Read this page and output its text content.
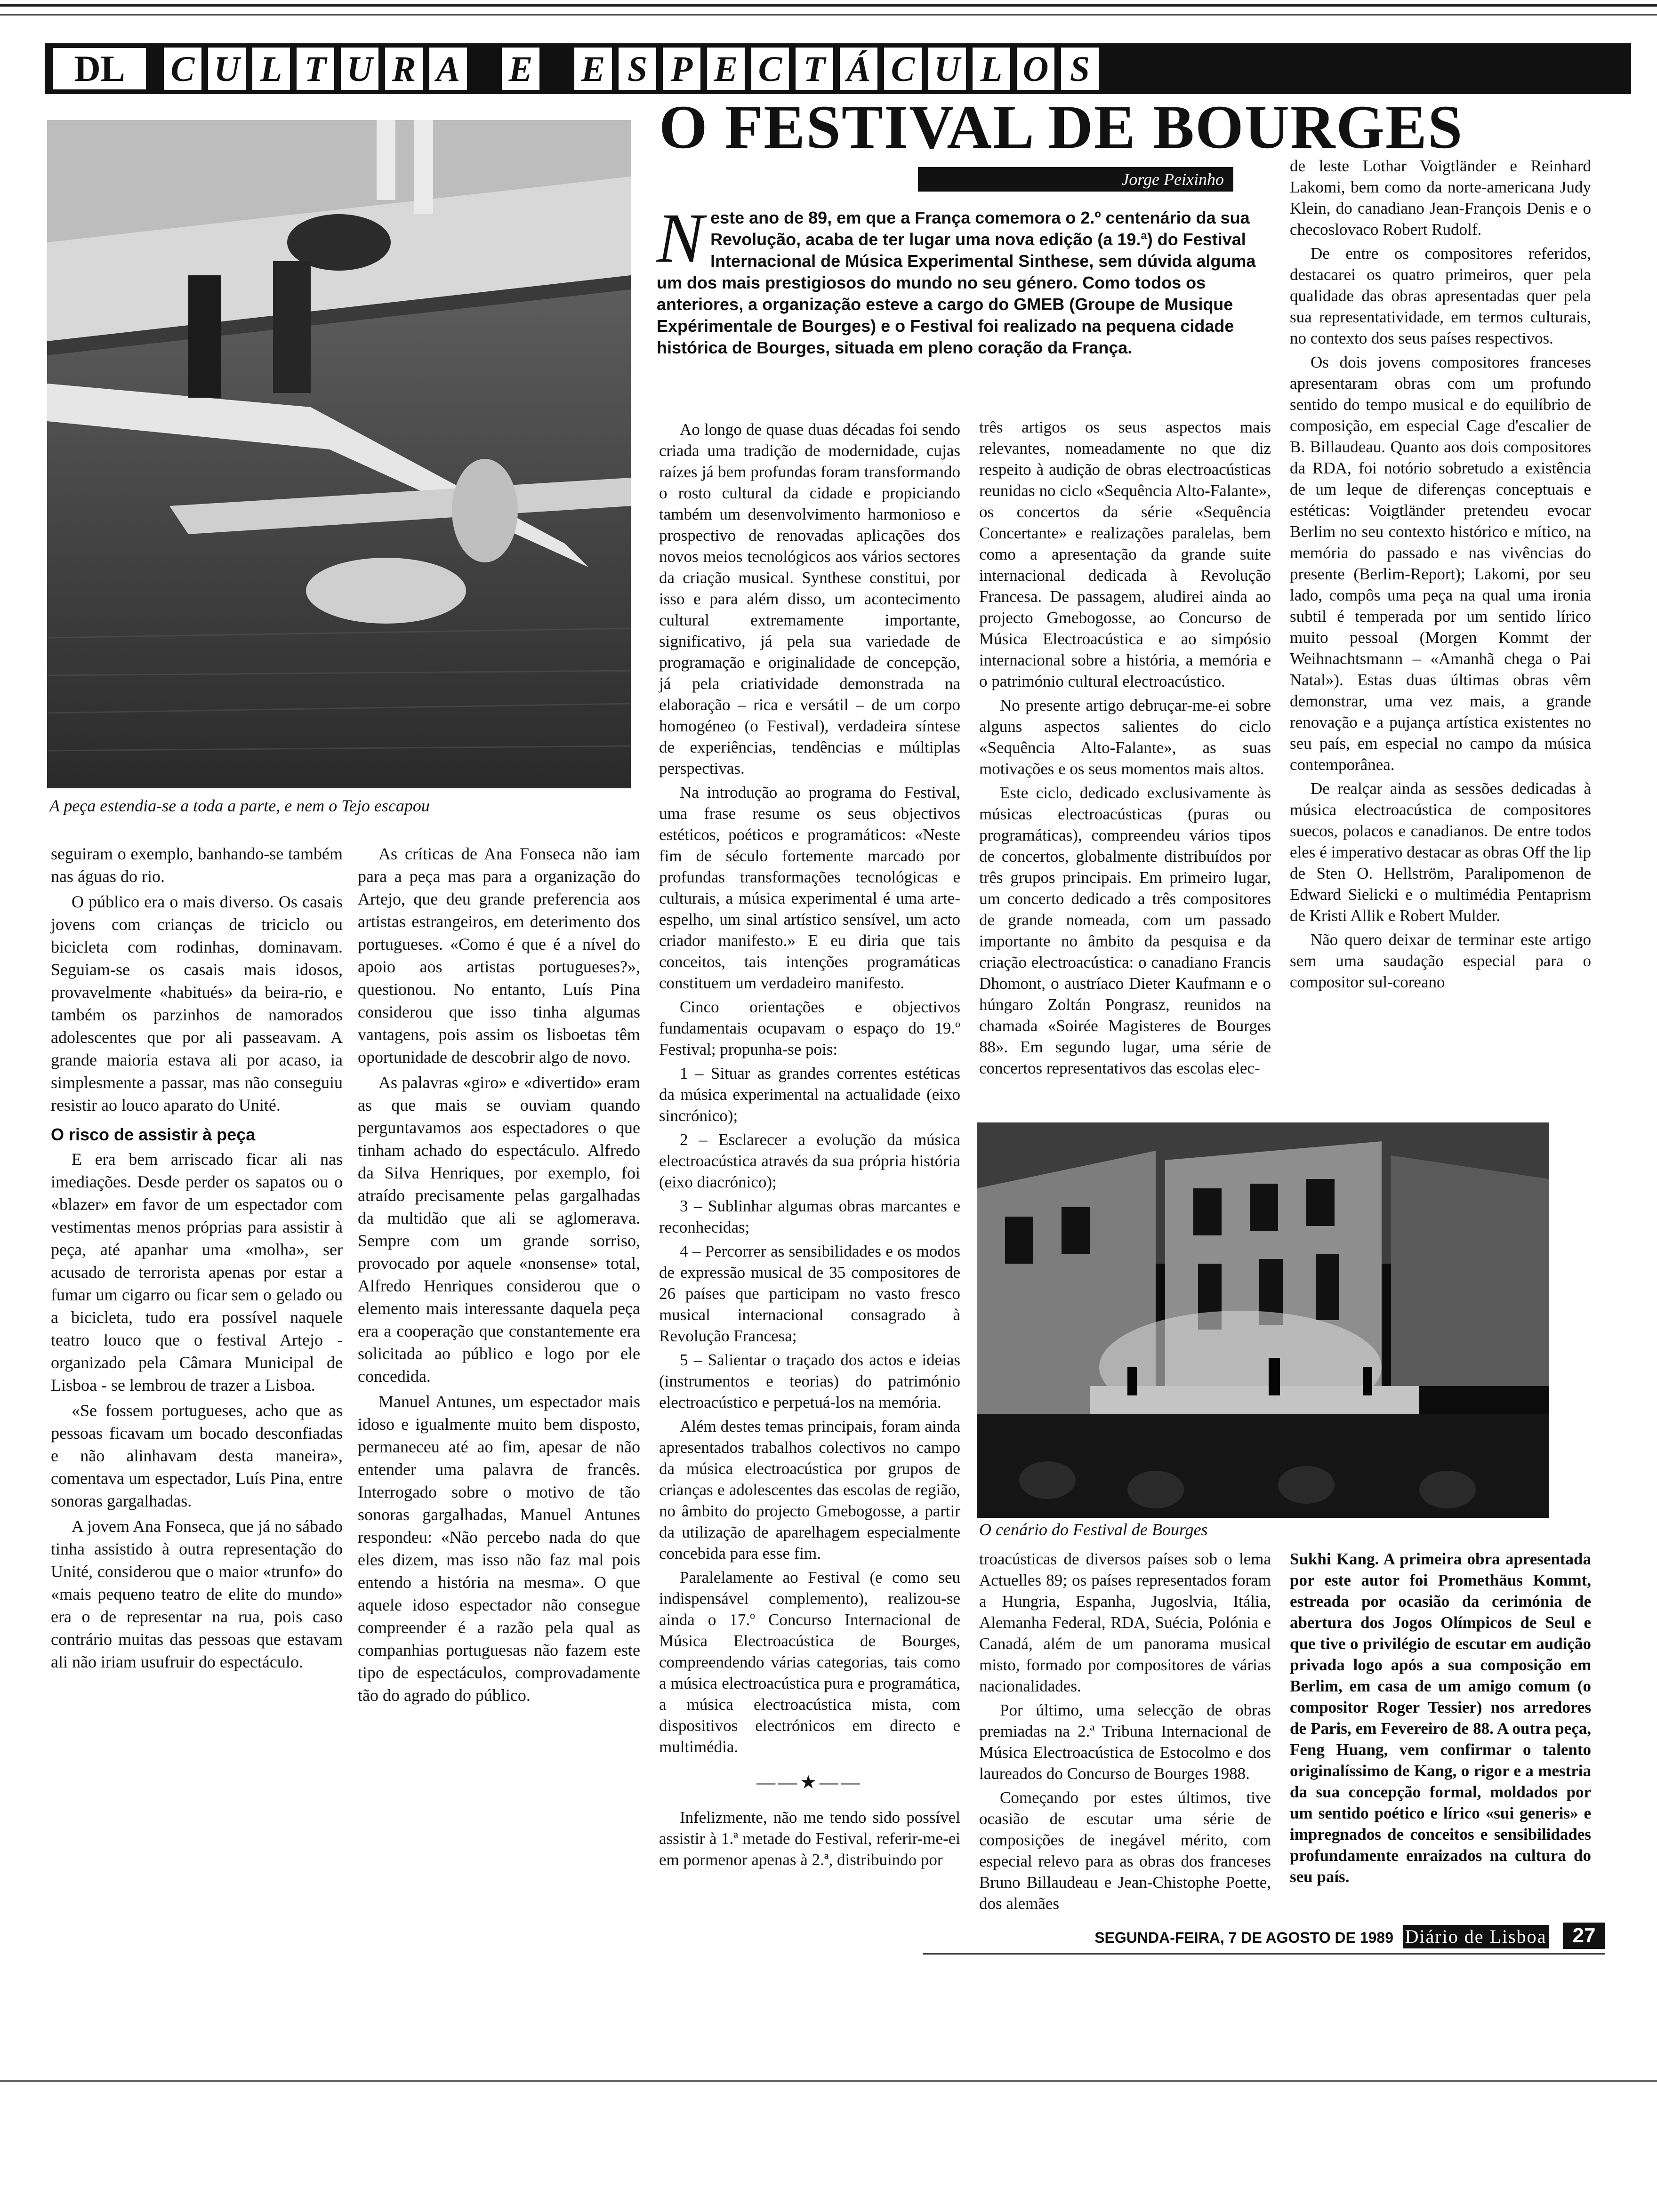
DL	C U L T U R A E E S P E C T Á C U L O S
O FESTIVAL DE BOURGES
Jorge Peixinho
N este ano de 89, em que a França comemora o 2.º centenário da sua Revolução, acaba de ter lugar uma nova edição (a 19.ª) do Festival Internacional de Música Experimental Sinthese, sem dúvida alguma um dos mais prestigiosos do mundo no seu género. Como todos os anteriores, a organização esteve a cargo do GMEB (Groupe de Musique Expérimentale de Bourges) e o Festival foi realizado na pequena cidade histórica de Bourges, situada em pleno coração da França.
A peça estendia-se a toda a parte, e nem o Tejo escapou

seguiram o exemplo, banhando-se também nas águas do rio.

O público era o mais diverso. Os casais jovens com crianças de triciclo ou bicicleta com rodinhas, dominavam. Seguiam-se os casais mais idosos, provavelmente «habitués» da beira-rio, e também os parzinhos de namorados adolescentes que por ali passeavam. A grande maioria estava ali por acaso, ia simplesmente a passar, mas não conseguiu resistir ao louco aparato do Unité.

O risco de assistir à peça

E era bem arriscado ficar ali nas imediações. Desde perder os sapatos ou o «blazer» em favor de um espectador com vestimentas menos próprias para assistir à peça, até apanhar uma «molha», ser acusado de terrorista apenas por estar a fumar um cigarro ou ficar sem o gelado ou a bicicleta, tudo era possível naquele teatro louco que o festival Artejo - organizado pela Câmara Municipal de Lisboa - se lembrou de trazer a Lisboa.

«Se fossem portugueses, acho que as pessoas ficavam um bocado desconfiadas e não alinhavam desta maneira», comentava um espectador, Luís Pina, entre sonoras gargalhadas.

A jovem Ana Fonseca, que já no sábado tinha assistido à outra representação do Unité, considerou que o maior «trunfo» do «mais pequeno teatro de elite do mundo» era o de representar na rua, pois caso contrário muitas das pessoas que estavam ali não iriam usufruir do espectáculo.

As críticas de Ana Fonseca não iam para a peça mas para a organização do Artejo, que deu grande preferencia aos artistas estrangeiros, em deterimento dos portugueses. «Como é que é a nível do apoio aos artistas portugueses?», questionou. No entanto, Luís Pina considerou que isso tinha algumas vantagens, pois assim os lisboetas têm oportunidade de descobrir algo de novo.

As palavras «giro» e «divertido» eram as que mais se ouviam quando perguntavamos aos espectadores o que tinham achado do espectáculo. Alfredo da Silva Henriques, por exemplo, foi atraído precisamente pelas gargalhadas da multidão que ali se aglomerava. Sempre com um grande sorriso, provocado por aquele «nonsense» total, Alfredo Henriques considerou que o elemento mais interessante daquela peça era a cooperação que constantemente era solicitada ao público e logo por ele concedida.

Manuel Antunes, um espectador mais idoso e igualmente muito bem disposto, permaneceu até ao fim, apesar de não entender uma palavra de francês. Interrogado sobre o motivo de tão sonoras gargalhadas, Manuel Antunes respondeu: «Não percebo nada do que eles dizem, mas isso não faz mal pois entendo a história na mesma». O que aquele idoso espectador não consegue compreender é a razão pela qual as companhias portuguesas não fazem este tipo de espectáculos, comprovadamente tão do agrado do público.

Ao longo de quase duas décadas foi sendo criada uma tradição de modernidade, cujas raízes já bem profundas foram transformando o rosto cultural da cidade e propiciando também um desenvolvimento harmonioso e prospectivo de renovadas aplicações dos novos meios tecnológicos aos vários sectores da criação musical. Synthese constitui, por isso e para além disso, um acontecimento cultural extremamente importante, significativo, já pela sua variedade de programação e originalidade de concepção, já pela criatividade demonstrada na elaboração – rica e versátil – de um corpo homogéneo (o Festival), verdadeira síntese de experiências, tendências e múltiplas perspectivas.

Na introdução ao programa do Festival, uma frase resume os seus objectivos estéticos, poéticos e programáticos: «Neste fim de século fortemente marcado por profundas transformações tecnológicas e culturais, a música experimental é uma arte-espelho, um sinal artístico sensível, um acto criador manifesto.» E eu diria que tais conceitos, tais intenções programáticas constituem um verdadeiro manifesto.

Cinco orientações e objectivos fundamentais ocupavam o espaço do 19.º Festival; propunha-se pois:

1 – Situar as grandes correntes estéticas da música experimental na actualidade (eixo sincrónico);

2 – Esclarecer a evolução da música electroacústica através da sua própria história (eixo diacrónico);

3 – Sublinhar algumas obras marcantes e reconhecidas;

4 – Percorrer as sensibilidades e os modos de expressão musical de 35 compositores de 26 países que participam no vasto fresco musical internacional consagrado à Revolução Francesa;

5 – Salientar o traçado dos actos e ideias (instrumentos e teorias) do património electroacústico e perpetuá-los na memória.

Além destes temas principais, foram ainda apresentados trabalhos colectivos no campo da música electroacústica por grupos de crianças e adolescentes das escolas de região, no âmbito do projecto Gmebogosse, a partir da utilização de aparelhagem especialmente concebida para esse fim.

Paralelamente ao Festival (e como seu indispensável complemento), realizou-se ainda o 17.º Concurso Internacional de Música Electroacústica de Bourges, compreendendo várias categorias, tais como a música electroacústica pura e programática, a música electroacústica mista, com dispositivos electrónicos em directo e multimédia.

——★——

Infelizmente, não me tendo sido possível assistir à 1.ª metade do Festival, referir-me-ei em pormenor apenas à 2.ª, distribuindo por

três artigos os seus aspectos mais relevantes, nomeadamente no que diz respeito à audição de obras electroacústicas reunidas no ciclo «Sequência Alto-Falante», os concertos da série «Sequência Concertante» e realizações paralelas, bem como a apresentação da grande suite internacional dedicada à Revolução Francesa. De passagem, aludirei ainda ao projecto Gmebogosse, ao Concurso de Música Electroacústica e ao simpósio internacional sobre a história, a memória e o património cultural electroacústico.

No presente artigo debruçar-me-ei sobre alguns aspectos salientes do ciclo «Sequência Alto-Falante», as suas motivações e os seus momentos mais altos.

Este ciclo, dedicado exclusivamente às músicas electroacústicas (puras ou programáticas), compreendeu vários tipos de concertos, globalmente distribuídos por três grupos principais. Em primeiro lugar, um concerto dedicado a três compositores de grande nomeada, com um passado importante no âmbito da pesquisa e da criação electroacústica: o canadiano Francis Dhomont, o austríaco Dieter Kaufmann e o húngaro Zoltán Pongrasz, reunidos na chamada «Soirée Magisteres de Bourges 88». Em segundo lugar, uma série de concertos representativos das escolas elec-

de leste Lothar Voigtländer e Reinhard Lakomi, bem como da norte-americana Judy Klein, do canadiano Jean-François Denis e o checoslovaco Robert Rudolf.

De entre os compositores referidos, destacarei os quatro primeiros, quer pela qualidade das obras apresentadas quer pela sua representatividade, em termos culturais, no contexto dos seus países respectivos.

Os dois jovens compositores franceses apresentaram obras com um profundo sentido do tempo musical e do equilíbrio de composição, em especial Cage d'escalier de B. Billaudeau. Quanto aos dois compositores da RDA, foi notório sobretudo a existência de um leque de diferenças conceptuais e estéticas: Voigtländer pretendeu evocar Berlim no seu contexto histórico e mítico, na memória do passado e nas vivências do presente (Berlim-Report); Lakomi, por seu lado, compôs uma peça na qual uma ironia subtil é temperada por um sentido lírico muito pessoal (Morgen Kommt der Weihnachtsmann – «Amanhã chega o Pai Natal»). Estas duas últimas obras vêm demonstrar, uma vez mais, a grande renovação e a pujança artística existentes no seu país, em especial no campo da música contemporânea.

De realçar ainda as sessões dedicadas à música electroacústica de compositores suecos, polacos e canadianos. De entre todos eles é imperativo destacar as obras Off the lip de Sten O. Hellström, Paralipomenon de Edward Sielicki e o multimédia Pentaprism de Kristi Allik e Robert Mulder.

Não quero deixar de terminar este artigo sem uma saudação especial para o compositor sul-coreano

O cenário do Festival de Bourges

troacústicas de diversos países sob o lema Actuelles 89; os países representados foram a Hungria, Espanha, Jugoslvia, Itália, Alemanha Federal, RDA, Suécia, Polónia e Canadá, além de um panorama musical misto, formado por compositores de várias nacionalidades.

Por último, uma selecção de obras premiadas na 2.ª Tribuna Internacional de Música Electroacústica de Estocolmo e dos laureados do Concurso de Bourges 1988.

Começando por estes últimos, tive ocasião de escutar uma série de composições de inegável mérito, com especial relevo para as obras dos franceses Bruno Billaudeau e Jean-Chistophe Poette, dos alemães

Sukhi Kang. A primeira obra apresentada por este autor foi Promethäus Kommt, estreada por ocasião da cerimónia de abertura dos Jogos Olímpicos de Seul e que tive o privilégio de escutar em audição privada logo após a sua composição em Berlim, em casa de um amigo comum (o compositor Roger Tessier) nos arredores de Paris, em Fevereiro de 88. A outra peça, Feng Huang, vem confirmar o talento originalíssimo de Kang, o rigor e a mestria da sua concepção formal, moldados por um sentido poético e lírico «sui generis» e impregnados de conceitos e sensibilidades profundamente enraizados na cultura do seu país.

SEGUNDA-FEIRA, 7 DE AGOSTO DE 1989 Diário de Lisboa	27
